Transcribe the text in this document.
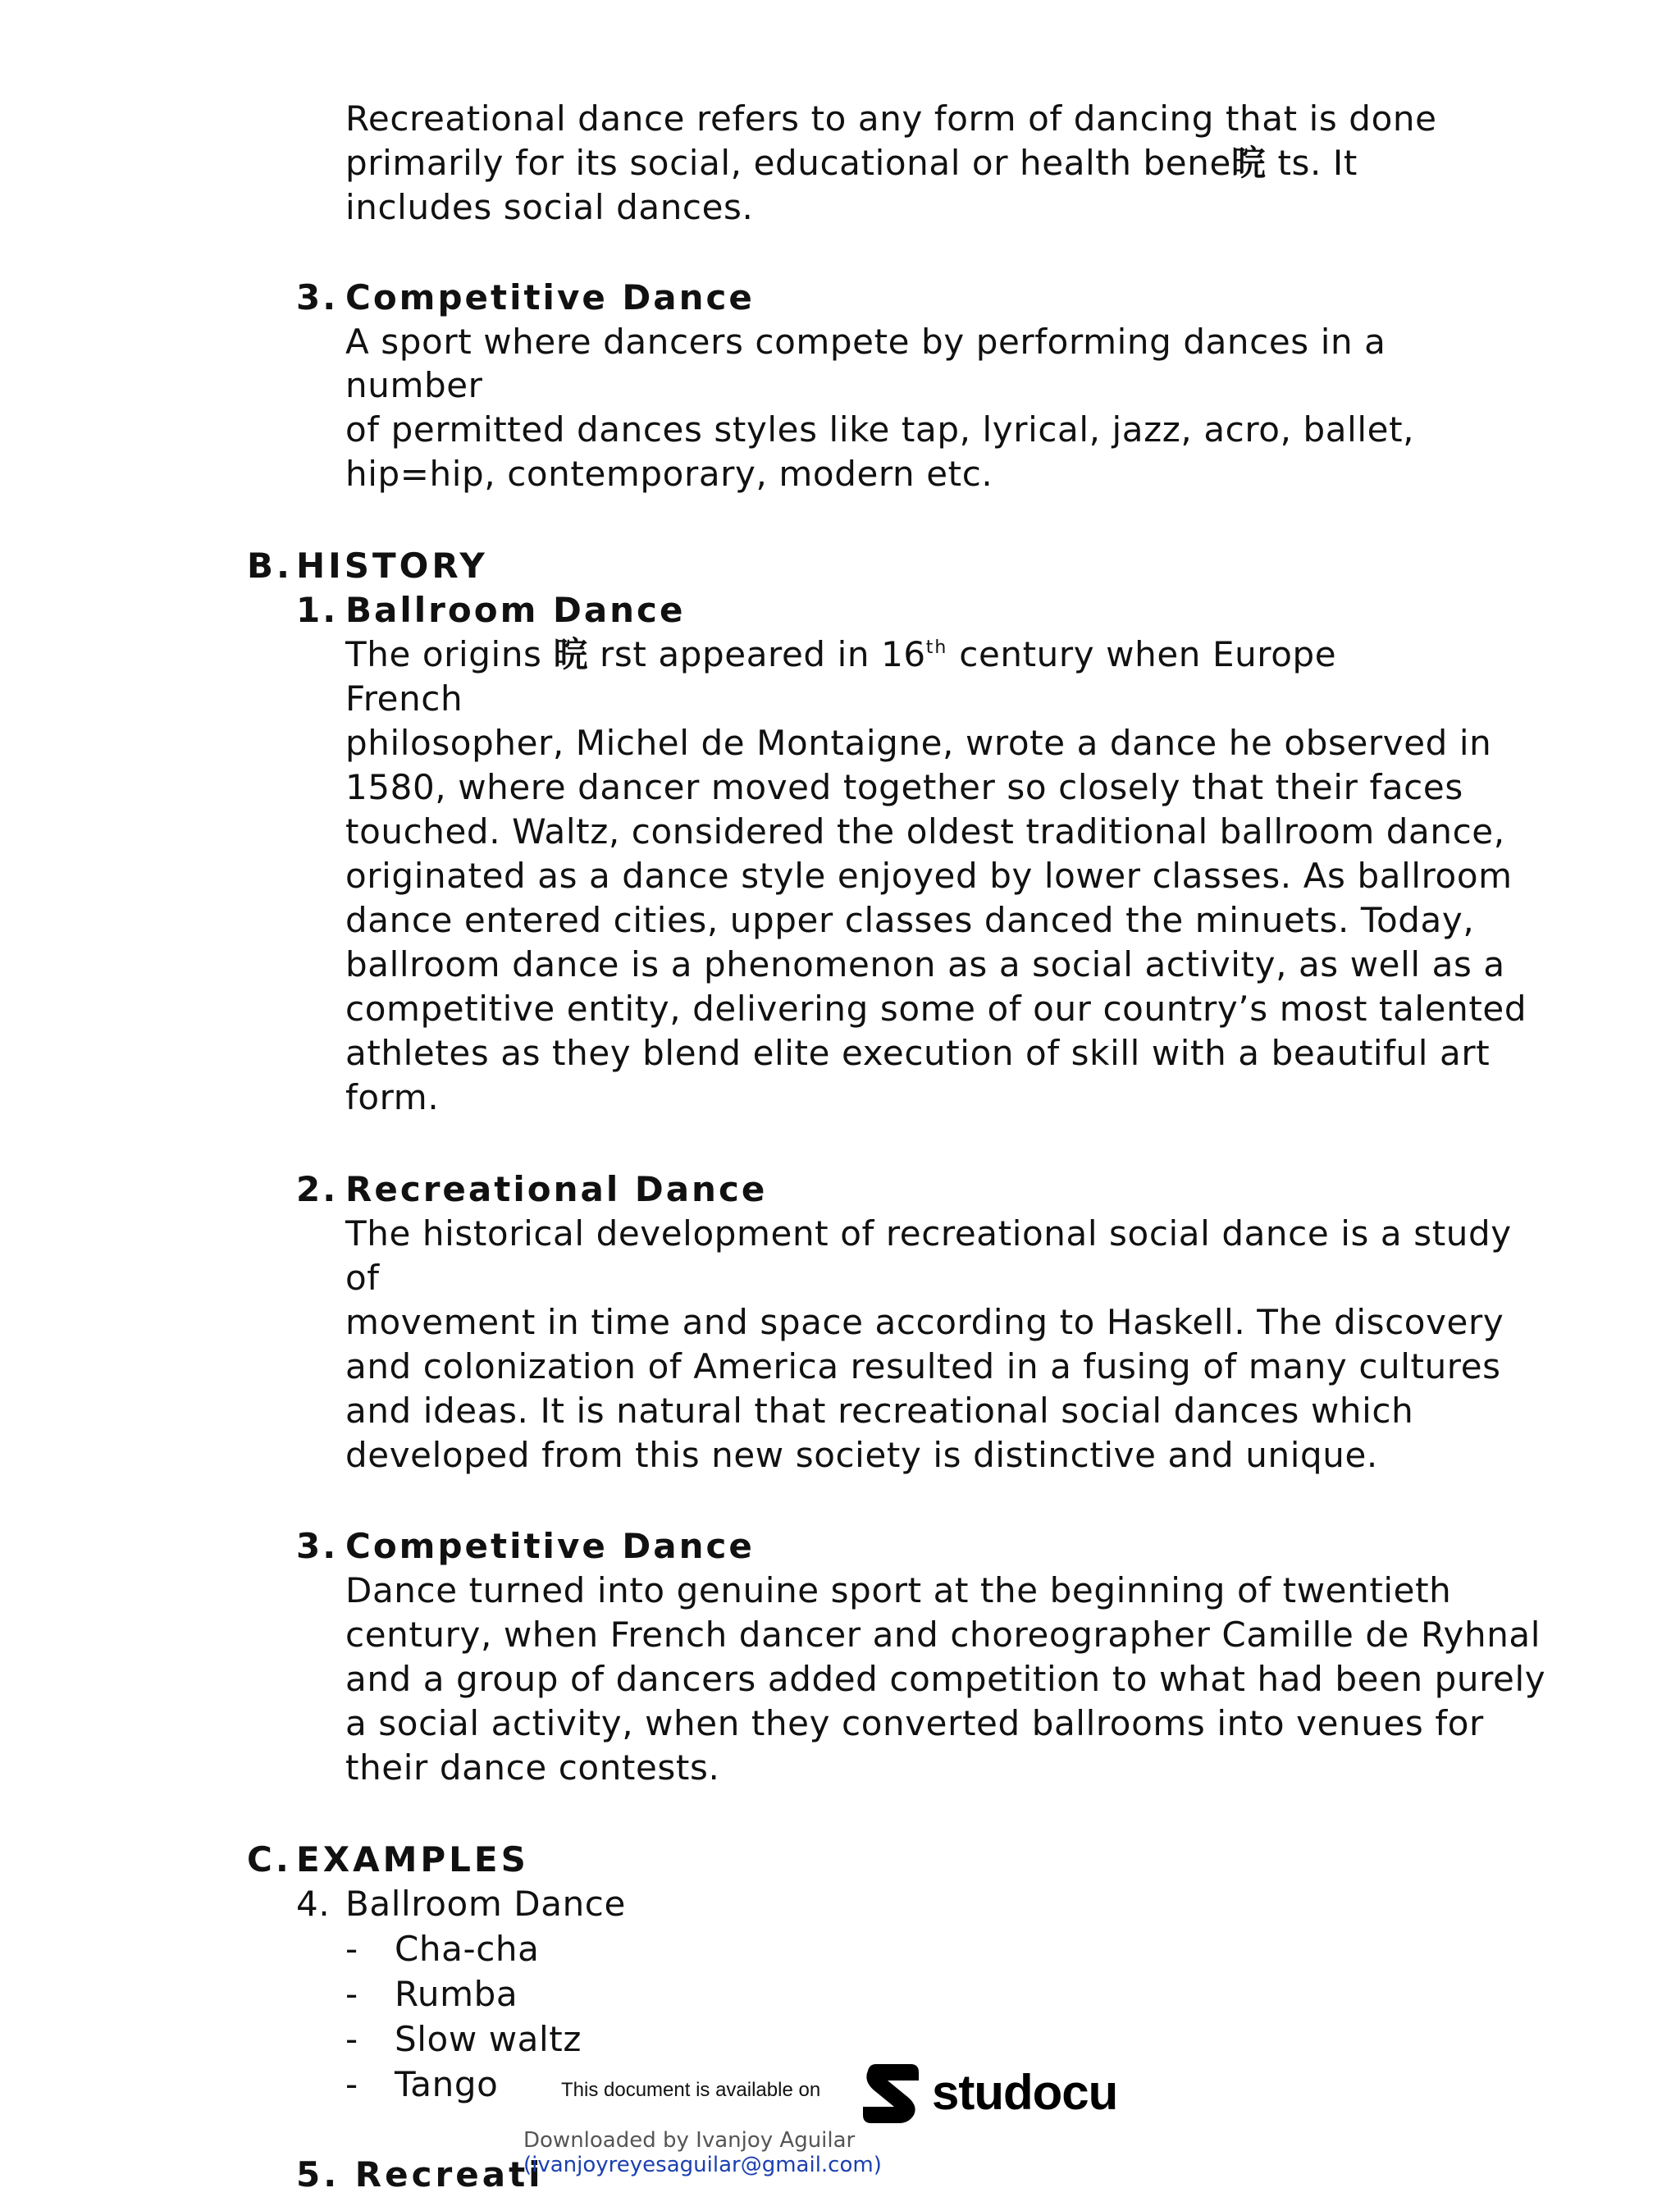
Recreational dance refers to any form of dancing that is done
primarily for its social, educational or health bene晥 ts. It
includes social dances.
3. Competitive Dance
A sport where dancers compete by performing dances in a
number
of permitted dances styles like tap, lyrical, jazz, acro, ballet,
hip=hip, contemporary, modern etc.
B.HISTORY
1. Ballroom Dance
The origins 晥 rst appeared in 16th century when Europe
French
philosopher, Michel de Montaigne, wrote a dance he observed in
1580, where dancer moved together so closely that their faces
touched. Waltz, considered the oldest traditional ballroom dance,
originated as a dance style enjoyed by lower classes. As ballroom
dance entered cities, upper classes danced the minuets. Today,
ballroom dance is a phenomenon as a social activity, as well as a
competitive entity, delivering some of our country’s most talented
athletes as they blend elite execution of skill with a beautiful art
form.
2. Recreational Dance
The historical development of recreational social dance is a study
of
movement in time and space according to Haskell. The discovery
and colonization of America resulted in a fusing of many cultures
and ideas. It is natural that recreational social dances which
developed from this new society is distinctive and unique.
3. Competitive Dance
Dance turned into genuine sport at the beginning of twentieth
century, when French dancer and choreographer Camille de Ryhnal
and a group of dancers added competition to what had been purely
a social activity, when they converted ballrooms into venues for
their dance contests.
C. EXAMPLES
4. Ballroom Dance
- Cha-cha
- Rumba
- Slow waltz
- Tango
5. Recreati
This document is available on studocu
Downloaded by Ivanjoy Aguilar
(ivanjoyreyesaguilar@gmail.com)
